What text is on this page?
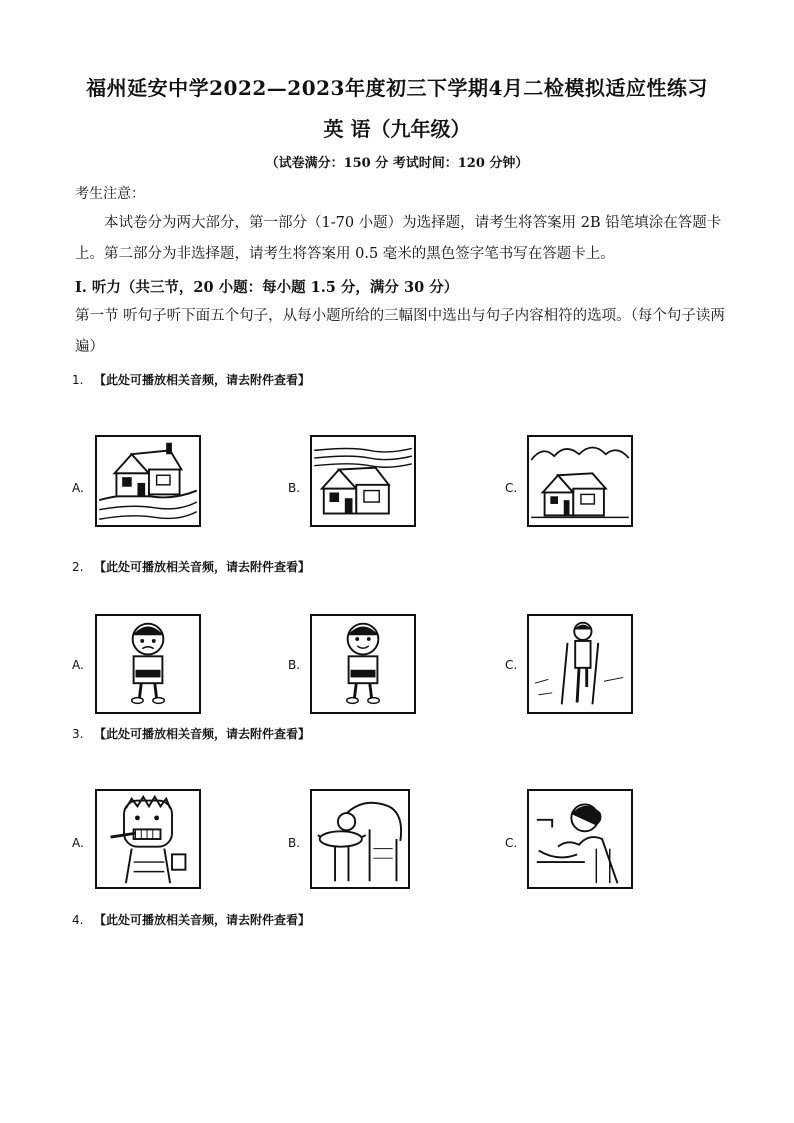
福州延安中学2022—2023年度初三下学期4月二检模拟适应性练习
英 语（九年级）
（试卷满分：150 分 考试时间：120 分钟）
考生注意：
本试卷分为两大部分，第一部分（1-70 小题）为选择题，请考生将答案用 2B 铅笔填涂在答题卡上。第二部分为非选择题，请考生将答案用 0.5 毫米的黑色签字笔书写在答题卡上。
Ⅰ. 听力（共三节，20 小题：每小题 1.5 分，满分 30 分）
第一节 听句子听下面五个句子，从每小题所给的三幅图中选出与句子内容相符的选项。（每个句子读两遍）
1. 【此处可播放相关音频，请去附件查看】
A.	B.	C.
2. 【此处可播放相关音频，请去附件查看】
A.	B.	C.
3. 【此处可播放相关音频，请去附件查看】
A.	B.	C.
4. 【此处可播放相关音频，请去附件查看】
